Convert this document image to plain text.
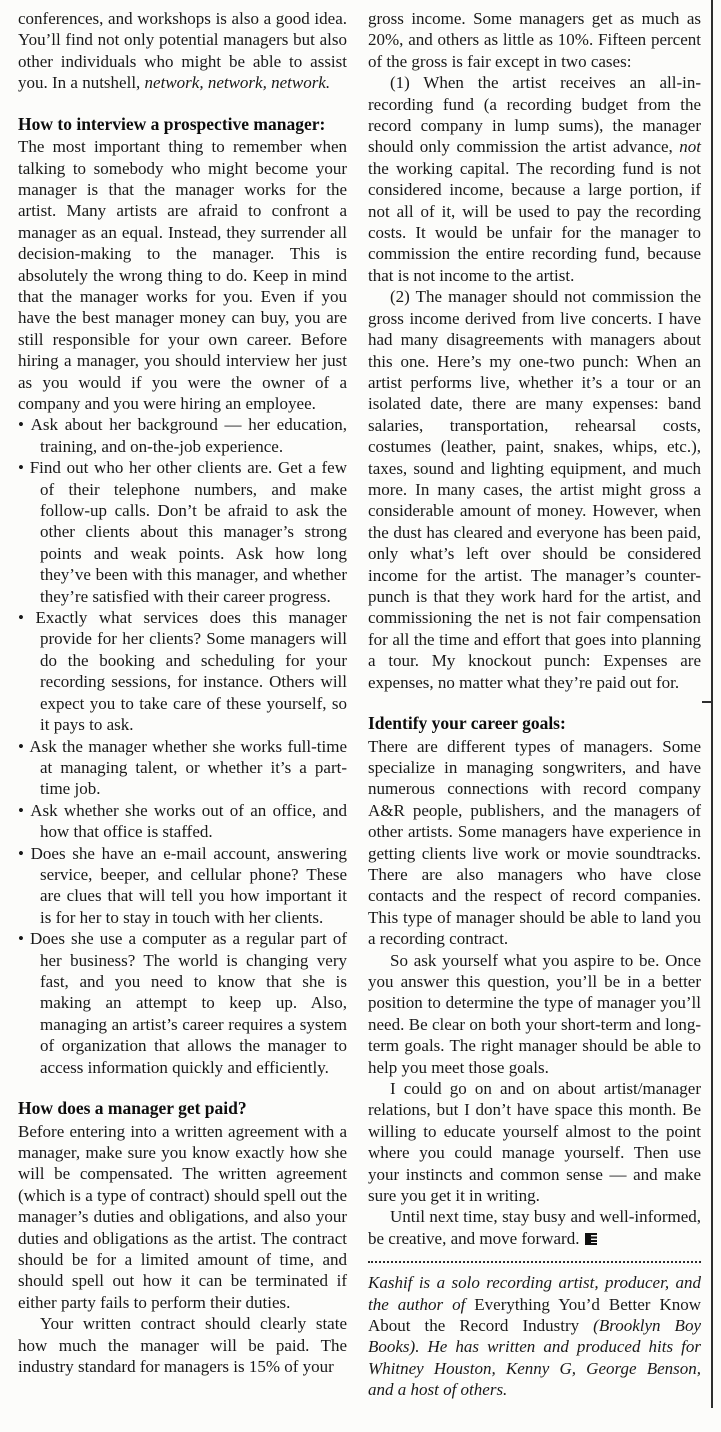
conferences, and workshops is also a good idea. You’ll find not only potential managers but also other individuals who might be able to assist you. In a nutshell, network, network, network.

How to interview a prospective manager:

The most important thing to remember when talking to somebody who might become your manager is that the manager works for the artist. Many artists are afraid to confront a manager as an equal. Instead, they surrender all decision-making to the manager. This is absolutely the wrong thing to do. Keep in mind that the manager works for you. Even if you have the best manager money can buy, you are still responsible for your own career. Before hiring a manager, you should interview her just as you would if you were the owner of a company and you were hiring an employee.

• Ask about her background — her education, training, and on-the-job experience.
• Find out who her other clients are. Get a few of their telephone numbers, and make follow-up calls. Don’t be afraid to ask the other clients about this manager’s strong points and weak points. Ask how long they’ve been with this manager, and whether they’re satisfied with their career progress.
• Exactly what services does this manager provide for her clients? Some managers will do the booking and scheduling for your recording sessions, for instance. Others will expect you to take care of these yourself, so it pays to ask.
• Ask the manager whether she works full-time at managing talent, or whether it’s a part-time job.
• Ask whether she works out of an office, and how that office is staffed.
• Does she have an e-mail account, answering service, beeper, and cellular phone? These are clues that will tell you how important it is for her to stay in touch with her clients.
• Does she use a computer as a regular part of her business? The world is changing very fast, and you need to know that she is making an attempt to keep up. Also, managing an artist’s career requires a system of organization that allows the manager to access information quickly and efficiently.
How does a manager get paid?

Before entering into a written agreement with a manager, make sure you know exactly how she will be compensated. The written agreement (which is a type of contract) should spell out the manager’s duties and obligations, and also your duties and obligations as the artist. The contract should be for a limited amount of time, and should spell out how it can be terminated if either party fails to perform their duties.

Your written contract should clearly state how much the manager will be paid. The industry standard for managers is 15% of your

gross income. Some managers get as much as 20%, and others as little as 10%. Fifteen percent of the gross is fair except in two cases:

(1) When the artist receives an all-in-recording fund (a recording budget from the record company in lump sums), the manager should only commission the artist advance, not the working capital. The recording fund is not considered income, because a large portion, if not all of it, will be used to pay the recording costs. It would be unfair for the manager to commission the entire recording fund, because that is not income to the artist.

(2) The manager should not commission the gross income derived from live concerts. I have had many disagreements with managers about this one. Here’s my one-two punch: When an artist performs live, whether it’s a tour or an isolated date, there are many expenses: band salaries, transportation, rehearsal costs, costumes (leather, paint, snakes, whips, etc.), taxes, sound and lighting equipment, and much more. In many cases, the artist might gross a considerable amount of money. However, when the dust has cleared and everyone has been paid, only what’s left over should be considered income for the artist. The manager’s counter-punch is that they work hard for the artist, and commissioning the net is not fair compensation for all the time and effort that goes into planning a tour. My knockout punch: Expenses are expenses, no matter what they’re paid out for.

Identify your career goals:

There are different types of managers. Some specialize in managing songwriters, and have numerous connections with record company A&R people, publishers, and the managers of other artists. Some managers have experience in getting clients live work or movie soundtracks. There are also managers who have close contacts and the respect of record companies. This type of manager should be able to land you a recording contract.

So ask yourself what you aspire to be. Once you answer this question, you’ll be in a better position to determine the type of manager you’ll need. Be clear on both your short-term and long-term goals. The right manager should be able to help you meet those goals.

I could go on and on about artist/manager relations, but I don’t have space this month. Be willing to educate yourself almost to the point where you could manage yourself. Then use your instincts and common sense — and make sure you get it in writing.

Until next time, stay busy and well-informed, be creative, and move forward.

Kashif is a solo recording artist, producer, and the author of Everything You’d Better Know About the Record Industry (Brooklyn Boy Books). He has written and produced hits for Whitney Houston, Kenny G, George Benson, and a host of others.
